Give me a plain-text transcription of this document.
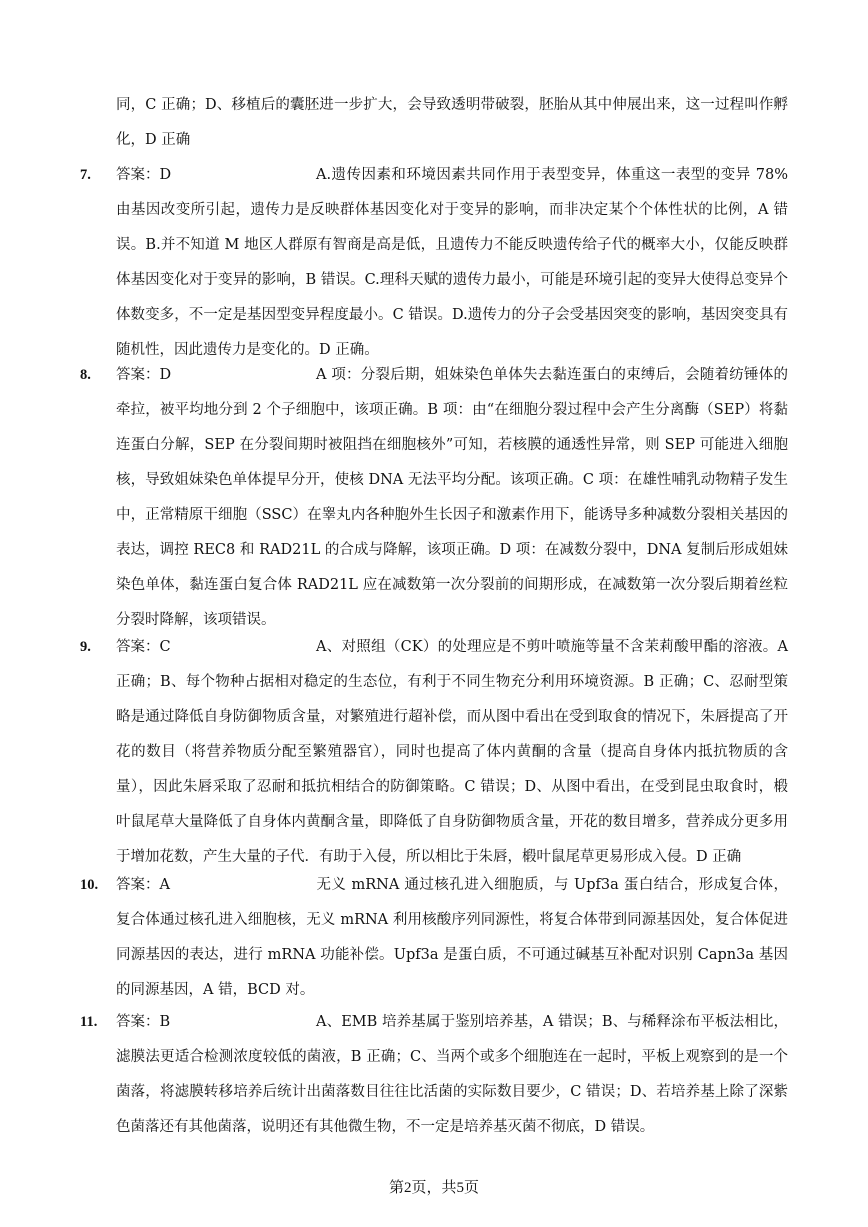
同，C 正确；D、移植后的囊胚进一步扩大，会导致透明带破裂，胚胎从其中伸展出来，这一过程叫作孵化，D 正确
7. 答案：D	A.遗传因素和环境因素共同作用于表型变异，体重这一表型的变异 78%由基因改变所引起，遗传力是反映群体基因变化对于变异的影响，而非决定某个个体性状的比例，A 错误。B.并不知道 M 地区人群原有智商是高是低，且遗传力不能反映遗传给子代的概率大小，仅能反映群体基因变化对于变异的影响，B 错误。C.理科天赋的遗传力最小，可能是环境引起的变异大使得总变异个体数变多，不一定是基因型变异程度最小。C 错误。D.遗传力的分子会受基因突变的影响，基因突变具有随机性，因此遗传力是变化的。D 正确。
8. 答案：D	A 项：分裂后期，姐妹染色单体失去黏连蛋白的束缚后，会随着纺锤体的牵拉，被平均地分到 2 个子细胞中，该项正确。B 项：由“在细胞分裂过程中会产生分离酶（SEP）将黏连蛋白分解，SEP 在分裂间期时被阻挡在细胞核外”可知，若核膜的通透性异常，则 SEP 可能进入细胞核，导致姐妹染色单体提早分开，使核 DNA 无法平均分配。该项正确。C 项：在雄性哺乳动物精子发生中，正常精原干细胞（SSC）在睾丸内各种胞外生长因子和激素作用下，能诱导多种减数分裂相关基因的表达，调控 REC8 和 RAD21L 的合成与降解，该项正确。D 项：在减数分裂中，DNA 复制后形成姐妹染色单体，黏连蛋白复合体 RAD21L 应在减数第一次分裂前的间期形成，在减数第一次分裂后期着丝粒分裂时降解，该项错误。
9. 答案：C	A、对照组（CK）的处理应是不剪叶喷施等量不含茉莉酸甲酯的溶液。A 正确；B、每个物种占据相对稳定的生态位，有利于不同生物充分利用环境资源。B 正确；C、忍耐型策略是通过降低自身防御物质含量，对繁殖进行超补偿，而从图中看出在受到取食的情况下，朱唇提高了开花的数目（将营养物质分配至繁殖器官），同时也提高了体内黄酮的含量（提高自身体内抵抗物质的含量），因此朱唇采取了忍耐和抵抗相结合的防御策略。C 错误；D、从图中看出，在受到昆虫取食时，椴叶鼠尾草大量降低了自身体内黄酮含量，即降低了自身防御物质含量，开花的数目增多，营养成分更多用于增加花数，产生大量的子代．有助于入侵，所以相比于朱唇，椴叶鼠尾草更易形成入侵。D 正确
10. 答案：A	无义 mRNA 通过核孔进入细胞质，与 Upf3a 蛋白结合，形成复合体，复合体通过核孔进入细胞核，无义 mRNA 利用核酸序列同源性，将复合体带到同源基因处，复合体促进同源基因的表达，进行 mRNA 功能补偿。Upf3a 是蛋白质，不可通过碱基互补配对识别 Capn3a 基因的同源基因，A 错，BCD 对。
11. 答案：B	A、EMB 培养基属于鉴别培养基，A 错误；B、与稀释涂布平板法相比，滤膜法更适合检测浓度较低的菌液，B 正确；C、当两个或多个细胞连在一起时，平板上观察到的是一个菌落，将滤膜转移培养后统计出菌落数目往往比活菌的实际数目要少，C 错误；D、若培养基上除了深紫色菌落还有其他菌落，说明还有其他微生物，不一定是培养基灭菌不彻底，D 错误。
第2页，共5页
